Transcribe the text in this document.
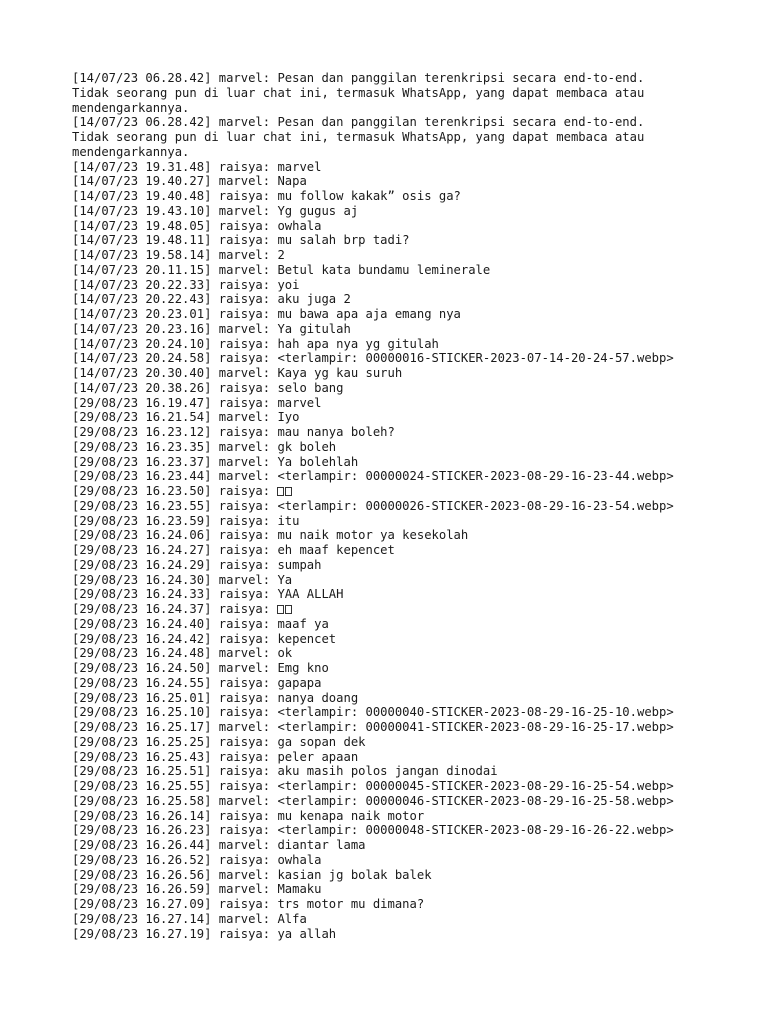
[14/07/23 06.28.42] marvel: Pesan dan panggilan terenkripsi secara end-to-end.
Tidak seorang pun di luar chat ini, termasuk WhatsApp, yang dapat membaca atau
mendengarkannya.
[14/07/23 06.28.42] marvel: Pesan dan panggilan terenkripsi secara end-to-end.
Tidak seorang pun di luar chat ini, termasuk WhatsApp, yang dapat membaca atau
mendengarkannya.
[14/07/23 19.31.48] raisya: marvel
[14/07/23 19.40.27] marvel: Napa
[14/07/23 19.40.48] raisya: mu follow kakak” osis ga?
[14/07/23 19.43.10] marvel: Yg gugus aj
[14/07/23 19.48.05] raisya: owhala
[14/07/23 19.48.11] raisya: mu salah brp tadi?
[14/07/23 19.58.14] marvel: 2
[14/07/23 20.11.15] marvel: Betul kata bundamu leminerale
[14/07/23 20.22.33] raisya: yoi
[14/07/23 20.22.43] raisya: aku juga 2
[14/07/23 20.23.01] raisya: mu bawa apa aja emang nya
[14/07/23 20.23.16] marvel: Ya gitulah
[14/07/23 20.24.10] raisya: hah apa nya yg gitulah
[14/07/23 20.24.58] raisya: <terlampir: 00000016-STICKER-2023-07-14-20-24-57.webp>
[14/07/23 20.30.40] marvel: Kaya yg kau suruh
[14/07/23 20.38.26] raisya: selo bang
[29/08/23 16.19.47] raisya: marvel
[29/08/23 16.21.54] marvel: Iyo
[29/08/23 16.23.12] raisya: mau nanya boleh?
[29/08/23 16.23.35] marvel: gk boleh
[29/08/23 16.23.37] marvel: Ya bolehlah
[29/08/23 16.23.44] marvel: <terlampir: 00000024-STICKER-2023-08-29-16-23-44.webp>
[29/08/23 16.23.50] raisya:
[29/08/23 16.23.55] raisya: <terlampir: 00000026-STICKER-2023-08-29-16-23-54.webp>
[29/08/23 16.23.59] raisya: itu
[29/08/23 16.24.06] raisya: mu naik motor ya kesekolah
[29/08/23 16.24.27] raisya: eh maaf kepencet
[29/08/23 16.24.29] raisya: sumpah
[29/08/23 16.24.30] marvel: Ya
[29/08/23 16.24.33] raisya: YAA ALLAH
[29/08/23 16.24.37] raisya:
[29/08/23 16.24.40] raisya: maaf ya
[29/08/23 16.24.42] raisya: kepencet
[29/08/23 16.24.48] marvel: ok
[29/08/23 16.24.50] marvel: Emg kno
[29/08/23 16.24.55] raisya: gapapa
[29/08/23 16.25.01] raisya: nanya doang
[29/08/23 16.25.10] raisya: <terlampir: 00000040-STICKER-2023-08-29-16-25-10.webp>
[29/08/23 16.25.17] marvel: <terlampir: 00000041-STICKER-2023-08-29-16-25-17.webp>
[29/08/23 16.25.25] raisya: ga sopan dek
[29/08/23 16.25.43] raisya: peler apaan
[29/08/23 16.25.51] raisya: aku masih polos jangan dinodai
[29/08/23 16.25.55] raisya: <terlampir: 00000045-STICKER-2023-08-29-16-25-54.webp>
[29/08/23 16.25.58] marvel: <terlampir: 00000046-STICKER-2023-08-29-16-25-58.webp>
[29/08/23 16.26.14] raisya: mu kenapa naik motor
[29/08/23 16.26.23] raisya: <terlampir: 00000048-STICKER-2023-08-29-16-26-22.webp>
[29/08/23 16.26.44] marvel: diantar lama
[29/08/23 16.26.52] raisya: owhala
[29/08/23 16.26.56] marvel: kasian jg bolak balek
[29/08/23 16.26.59] marvel: Mamaku
[29/08/23 16.27.09] raisya: trs motor mu dimana?
[29/08/23 16.27.14] marvel: Alfa
[29/08/23 16.27.19] raisya: ya allah
